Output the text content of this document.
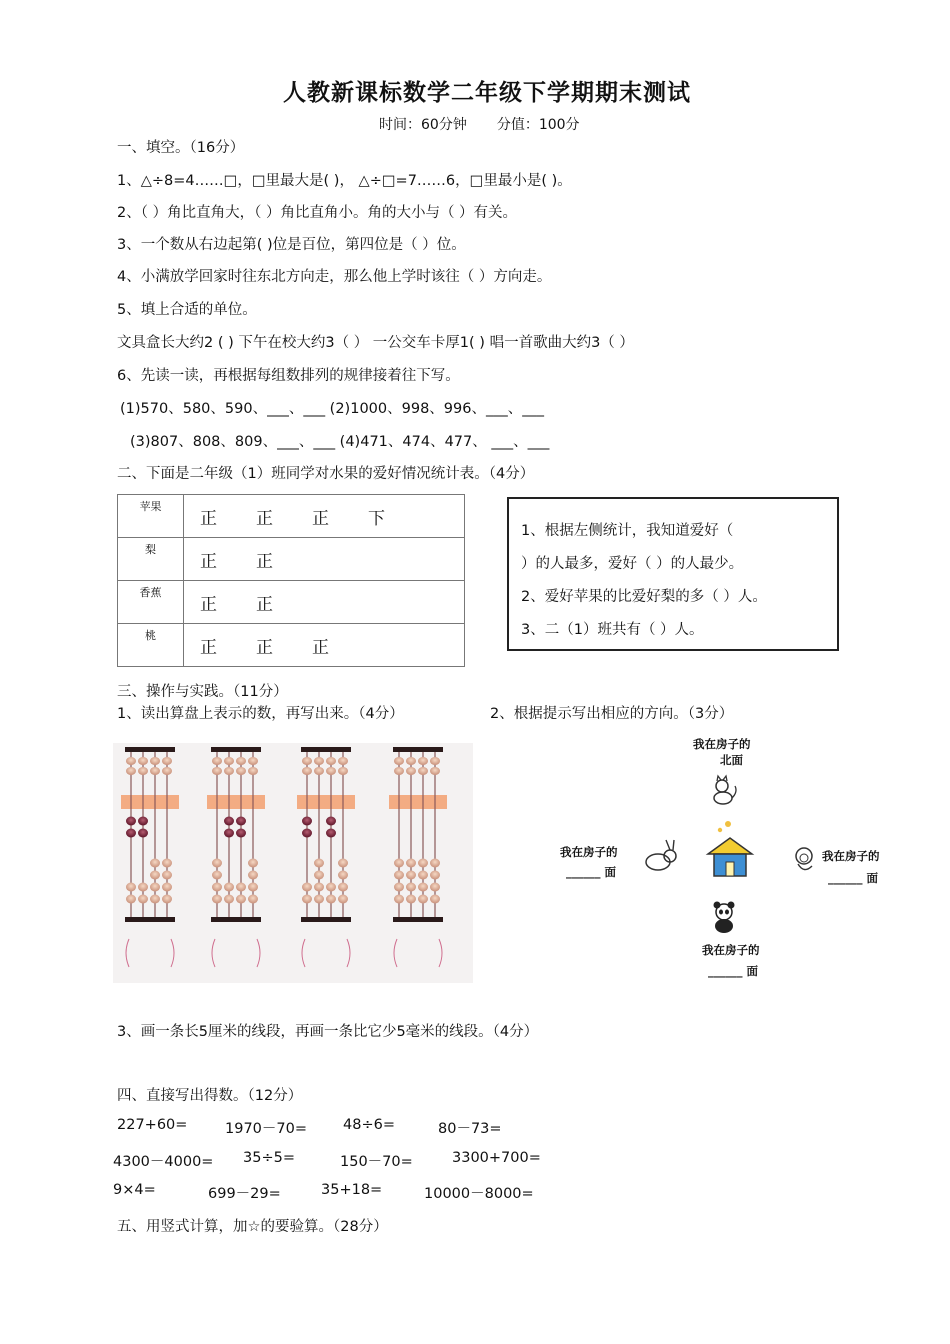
人教新课标数学二年级下学期期末测试
时间：60分钟 分值：100分
一、填空。（16分）
1、△÷8=4……□，□里最大是( )， △÷□=7……6，□里最小是( )。
2、（ ）角比直角大，（ ）角比直角小。角的大小与（ ）有关。
3、一个数从右边起第( )位是百位，第四位是（ ）位。
4、小满放学回家时往东北方向走，那么他上学时该往（ ）方向走。
5、填上合适的单位。
文具盒长大约2 ( ) 下午在校大约3（ ） 一公交车卡厚1( ) 唱一首歌曲大约3（ ）
6、先读一读，再根据每组数排列的规律接着往下写。
(1)570、580、590、___、___ (2)1000、998、996、___、___
(3)807、808、809、___、___ (4)471、474、477、 ___、___
二、下面是二年级（1）班同学对水果的爱好情况统计表。（4分）
苹果	正 正 正 下
梨	正 正
香蕉	正 正
桃	正 正 正
1、根据左侧统计，我知道爱好（
）的人最多，爱好（ ）的人最少。
2、爱好苹果的比爱好梨的多（ ）人。
3、二（1）班共有（ ）人。
三、操作与实践。（11分）
1、读出算盘上表示的数，再写出来。（4分）	2、根据提示写出相应的方向。（3分）
我在房子的
北面
我在房子的
______ 面
我在房子的
______ 面
我在房子的
______ 面
3、画一条长5厘米的线段，再画一条比它少5毫米的线段。（4分）
四、直接写出得数。（12分）
227+60=	1970－70= 48÷6=	80－73=
4300－4000= 35÷5=	150－70=	3300+700=
9×4=	699－29=	35+18=	10000－8000=
五、用竖式计算，加☆的要验算。（28分）
